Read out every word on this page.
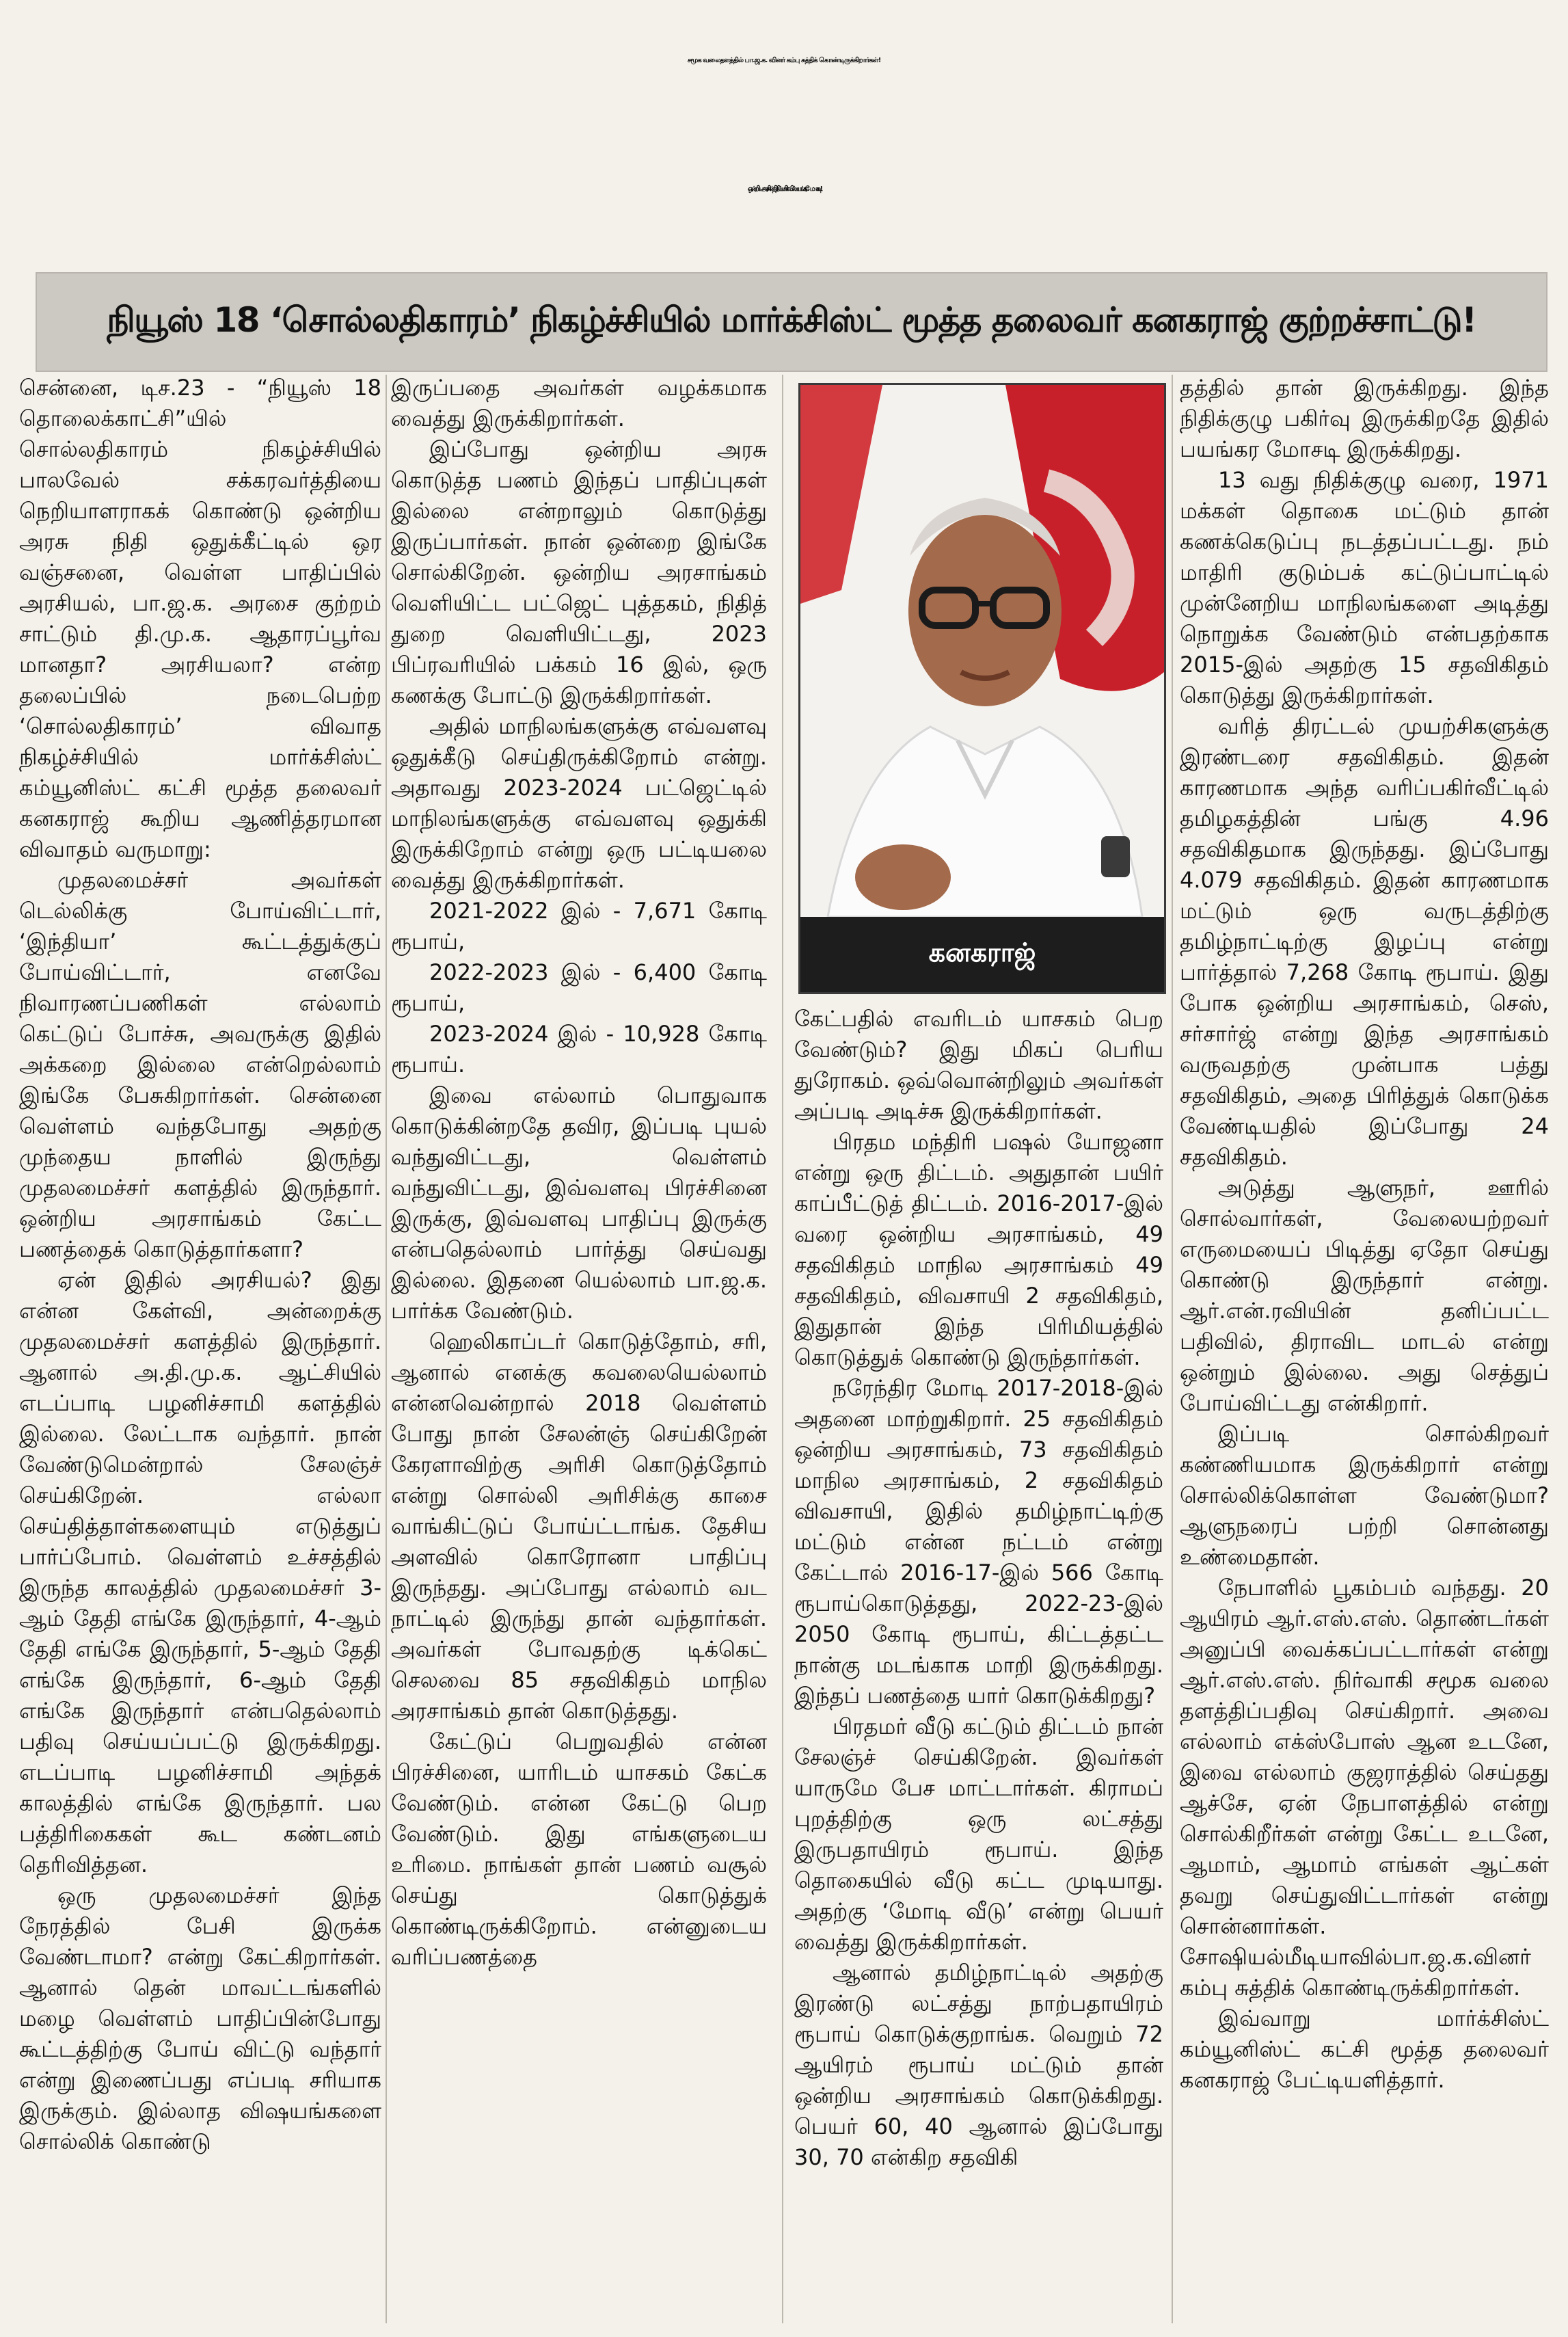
சமூக வலைதளத்தில் பா.ஜ.க. வினர் கம்பு சுத்திக் கொண்டிருக்கிறார்கள்!
ஒன்றிய அரசின் நிதிப்பகிர்வில் பயங்கர மோசடி!
நியூஸ் 18 ‘சொல்லதிகாரம்’ நிகழ்ச்சியில் மார்க்சிஸ்ட் மூத்த தலைவர் கனகராஜ் குற்றச்சாட்டு!

சென்னை, டிச.23 - “நியூஸ் 18 தொலைக்காட்சி”யில் சொல்லதிகாரம் நிகழ்ச்சியில் பாலவேல் சக்கரவர்த்தியை நெறியாளராகக் கொண்டு ஒன்றிய அரசு நிதி ஒதுக்கீட்டில் ஒர வஞ்சனை, வெள்ள பாதிப்பில் அரசியல், பா.ஜ.க. அரசை குற்றம் சாட்டும் தி.மு.க. ஆதாரப்பூர்வ மானதா? அரசியலா? என்ற தலைப்பில் நடைபெற்ற ‘சொல்லதிகாரம்’ விவாத நிகழ்ச்சியில் மார்க்சிஸ்ட் கம்யூனிஸ்ட் கட்சி மூத்த தலைவர் கனகராஜ் கூறிய ஆணித்தரமான விவாதம் வருமாறு:

முதலமைச்சர் அவர்கள் டெல்லிக்கு போய்விட்டார், ‘இந்தியா’ கூட்டத்துக்குப் போய்விட்டார், எனவே நிவாரணப்பணிகள் எல்லாம் கெட்டுப் போச்சு, அவருக்கு இதில் அக்கறை இல்லை என்றெல்லாம் இங்கே பேசுகிறார்கள். சென்னை வெள்ளம் வந்தபோது அதற்கு முந்தைய நாளில் இருந்து முதலமைச்சர் களத்தில் இருந்தார். ஒன்றிய அரசாங்கம் கேட்ட பணத்தைக் கொடுத்தார்களா?

ஏன் இதில் அரசியல்? இது என்ன கேள்வி, அன்றைக்கு முதலமைச்சர் களத்தில் இருந்தார். ஆனால் அ.தி.மு.க. ஆட்சியில் எடப்பாடி பழனிச்சாமி களத்தில் இல்லை. லேட்டாக வந்தார். நான் வேண்டுமென்றால் சேலஞ்ச் செய்கிறேன். எல்லா செய்தித்தாள்களையும் எடுத்துப் பார்ப்போம். வெள்ளம் உச்சத்தில் இருந்த காலத்தில் முதலமைச்சர் 3-ஆம் தேதி எங்கே இருந்தார், 4-ஆம் தேதி எங்கே இருந்தார், 5-ஆம் தேதி எங்கே இருந்தார், 6-ஆம் தேதி எங்கே இருந்தார் என்பதெல்லாம் பதிவு செய்யப்பட்டு இருக்கிறது. எடப்பாடி பழனிச்சாமி அந்தக் காலத்தில் எங்கே இருந்தார். பல பத்திரிகைகள் கூட கண்டனம் தெரிவித்தன.

ஒரு முதலமைச்சர் இந்த நேரத்தில் பேசி இருக்க வேண்டாமா? என்று கேட்கிறார்கள். ஆனால் தென் மாவட்டங்களில் மழை வெள்ளம் பாதிப்பின்போது கூட்டத்திற்கு போய் விட்டு வந்தார் என்று இணைப்பது எப்படி சரியாக இருக்கும். இல்லாத விஷயங்களை சொல்லிக் கொண்டு

இருப்பதை அவர்கள் வழக்கமாக வைத்து இருக்கிறார்கள்.

இப்போது ஒன்றிய அரசு கொடுத்த பணம் இந்தப் பாதிப்புகள் இல்லை என்றாலும் கொடுத்து இருப்பார்கள். நான் ஒன்றை இங்கே சொல்கிறேன். ஒன்றிய அரசாங்கம் வெளியிட்ட பட்ஜெட் புத்தகம், நிதித் துறை வெளியிட்டது, 2023 பிப்ரவரியில் பக்கம் 16 இல், ஒரு கணக்கு போட்டு இருக்கிறார்கள்.

அதில் மாநிலங்களுக்கு எவ்வளவு ஒதுக்கீடு செய்திருக்கிறோம் என்று. அதாவது 2023-2024 பட்ஜெட்டில் மாநிலங்களுக்கு எவ்வளவு ஒதுக்கி இருக்கிறோம் என்று ஒரு பட்டியலை வைத்து இருக்கிறார்கள்.

2021-2022 இல் - 7,671 கோடி ரூபாய்,

2022-2023 இல் - 6,400 கோடி ரூபாய்,

2023-2024 இல் - 10,928 கோடி ரூபாய்.

இவை எல்லாம் பொதுவாக கொடுக்கின்றதே தவிர, இப்படி புயல் வந்துவிட்டது, வெள்ளம் வந்துவிட்டது, இவ்வளவு பிரச்சினை இருக்கு, இவ்வளவு பாதிப்பு இருக்கு என்பதெல்லாம் பார்த்து செய்வது இல்லை. இதனை யெல்லாம் பா.ஜ.க. பார்க்க வேண்டும்.

ஹெலிகாப்டர் கொடுத்தோம், சரி, ஆனால் எனக்கு கவலையெல்லாம் என்னவென்றால் 2018 வெள்ளம் போது நான் சேலன்ஞ் செய்கிறேன் கேரளாவிற்கு அரிசி கொடுத்தோம் என்று சொல்லி அரிசிக்கு காசை வாங்கிட்டுப் போய்ட்டாங்க. தேசிய அளவில் கொரோனா பாதிப்பு இருந்தது. அப்போது எல்லாம் வட நாட்டில் இருந்து தான் வந்தார்கள். அவர்கள் போவதற்கு டிக்கெட் செலவை 85 சதவிகிதம் மாநில அரசாங்கம் தான் கொடுத்தது.

கேட்டுப் பெறுவதில் என்ன பிரச்சினை, யாரிடம் யாசகம் கேட்க வேண்டும். என்ன கேட்டு பெற வேண்டும். இது எங்களுடைய உரிமை. நாங்கள் தான் பணம் வசூல் செய்து கொடுத்துக் கொண்டிருக்கிறோம். என்னுடைய வரிப்பணத்தை

கனகராஜ்

கேட்பதில் எவரிடம் யாசகம் பெற வேண்டும்? இது மிகப் பெரிய துரோகம். ஒவ்வொன்றிலும் அவர்கள் அப்படி அடிச்சு இருக்கிறார்கள்.

பிரதம மந்திரி பஷல் யோஜனா என்று ஒரு திட்டம். அதுதான் பயிர் காப்பீட்டுத் திட்டம். 2016-2017-இல் வரை ஒன்றிய அரசாங்கம், 49 சதவிகிதம் மாநில அரசாங்கம் 49 சதவிகிதம், விவசாயி 2 சதவிகிதம், இதுதான் இந்த பிரிமியத்தில் கொடுத்துக் கொண்டு இருந்தார்கள்.

நரேந்திர மோடி 2017-2018-இல் அதனை மாற்றுகிறார். 25 சதவிகிதம் ஒன்றிய அரசாங்கம், 73 சதவிகிதம் மாநில அரசாங்கம், 2 சதவிகிதம் விவசாயி, இதில் தமிழ்நாட்டிற்கு மட்டும் என்ன நட்டம் என்று கேட்டால் 2016-17-இல் 566 கோடி ரூபாய்கொடுத்தது, 2022-23-இல் 2050 கோடி ரூபாய், கிட்டத்தட்ட நான்கு மடங்காக மாறி இருக்கிறது. இந்தப் பணத்தை யார் கொடுக்கிறது?

பிரதமர் வீடு கட்டும் திட்டம் நான் சேலஞ்ச் செய்கிறேன். இவர்கள் யாருமே பேச மாட்டார்கள். கிராமப் புறத்திற்கு ஒரு லட்சத்து இருபதாயிரம் ரூபாய். இந்த தொகையில் வீடு கட்ட முடியாது. அதற்கு ‘மோடி வீடு’ என்று பெயர் வைத்து இருக்கிறார்கள்.

ஆனால் தமிழ்நாட்டில் அதற்கு இரண்டு லட்சத்து நாற்பதாயிரம் ரூபாய் கொடுக்குறாங்க. வெறும் 72 ஆயிரம் ரூபாய் மட்டும் தான் ஒன்றிய அரசாங்கம் கொடுக்கிறது. பெயர் 60, 40 ஆனால் இப்போது 30, 70 என்கிற சதவிகி

தத்தில் தான் இருக்கிறது. இந்த நிதிக்குழு பகிர்வு இருக்கிறதே இதில் பயங்கர மோசடி இருக்கிறது.

13 வது நிதிக்குழு வரை, 1971 மக்கள் தொகை மட்டும் தான் கணக்கெடுப்பு நடத்தப்பட்டது. நம் மாதிரி குடும்பக் கட்டுப்பாட்டில் முன்னேறிய மாநிலங்களை அடித்து நொறுக்க வேண்டும் என்பதற்காக 2015-இல் அதற்கு 15 சதவிகிதம் கொடுத்து இருக்கிறார்கள்.

வரித் திரட்டல் முயற்சிகளுக்கு இரண்டரை சதவிகிதம். இதன் காரணமாக அந்த வரிப்பகிர்வீட்டில் தமிழகத்தின் பங்கு 4.96 சதவிகிதமாக இருந்தது. இப்போது 4.079 சதவிகிதம். இதன் காரணமாக மட்டும் ஒரு வருடத்திற்கு தமிழ்நாட்டிற்கு இழப்பு என்று பார்த்தால் 7,268 கோடி ரூபாய். இது போக ஒன்றிய அரசாங்கம், செஸ், சர்சார்ஜ் என்று இந்த அரசாங்கம் வருவதற்கு முன்பாக பத்து சதவிகிதம், அதை பிரித்துக் கொடுக்க வேண்டியதில் இப்போது 24 சதவிகிதம்.

அடுத்து ஆளுநர், ஊரில் சொல்வார்கள், வேலையற்றவர் எருமையைப் பிடித்து ஏதோ செய்து கொண்டு இருந்தார் என்று. ஆர்.என்.ரவியின் தனிப்பட்ட பதிவில், திராவிட மாடல் என்று ஒன்றும் இல்லை. அது செத்துப் போய்விட்டது என்கிறார்.

இப்படி சொல்கிறவர் கண்ணியமாக இருக்கிறார் என்று சொல்லிக்கொள்ள வேண்டுமா? ஆளுநரைப் பற்றி சொன்னது உண்மைதான்.

நேபாளில் பூகம்பம் வந்தது. 20 ஆயிரம் ஆர்.எஸ்.எஸ். தொண்டர்கள் அனுப்பி வைக்கப்பட்டார்கள் என்று ஆர்.எஸ்.எஸ். நிர்வாகி சமூக வலை தளத்திப்பதிவு செய்கிறார். அவை எல்லாம் எக்ஸ்போஸ் ஆன உடனே, இவை எல்லாம் குஜராத்தில் செய்தது ஆச்சே, ஏன் நேபாளத்தில் என்று சொல்கிறீர்கள் என்று கேட்ட உடனே, ஆமாம், ஆமாம் எங்கள் ஆட்கள் தவறு செய்துவிட்டார்கள் என்று சொன்னார்கள். சோஷியல்மீடியாவில்பா.ஜ.க.வினர் கம்பு சுத்திக் கொண்டிருக்கிறார்கள்.

இவ்வாறு மார்க்சிஸ்ட் கம்யூனிஸ்ட் கட்சி மூத்த தலைவர் கனகராஜ் பேட்டியளித்தார்.
